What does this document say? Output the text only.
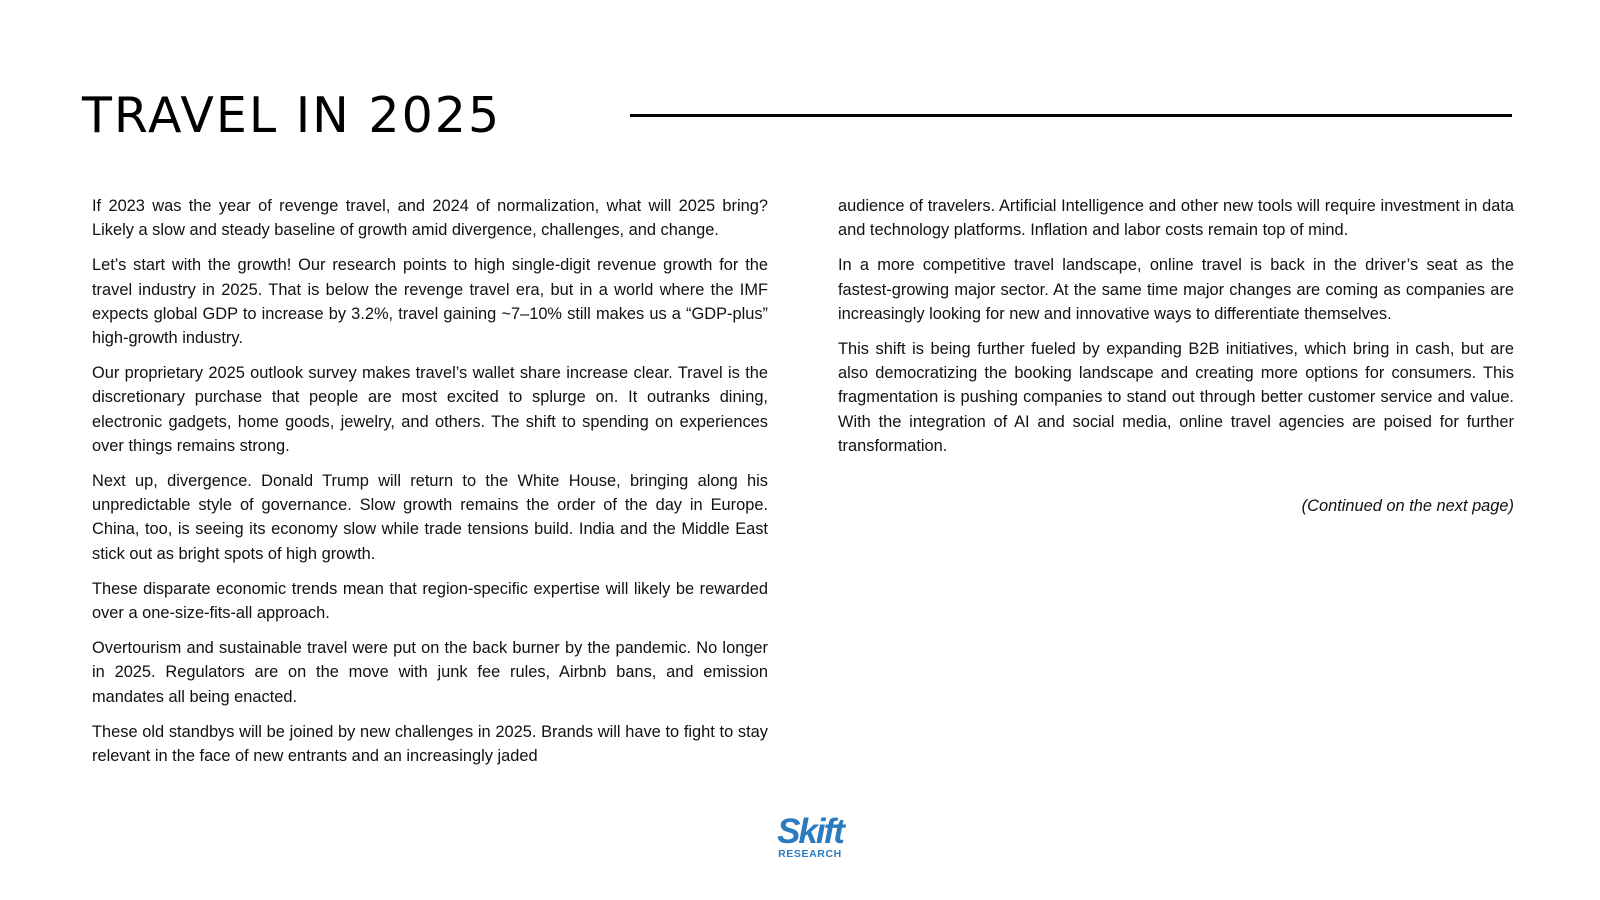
TRAVEL IN 2025

If 2023 was the year of revenge travel, and 2024 of normalization, what will 2025 bring? Likely a slow and steady baseline of growth amid divergence, challenges, and change.

Let’s start with the growth! Our research points to high single-digit revenue growth for the travel industry in 2025. That is below the revenge travel era, but in a world where the IMF expects global GDP to increase by 3.2%, travel gaining ~7–10% still makes us a “GDP-plus” high-growth industry.

Our proprietary 2025 outlook survey makes travel’s wallet share increase clear. Travel is the discretionary purchase that people are most excited to splurge on. It outranks dining, electronic gadgets, home goods, jewelry, and others. The shift to spending on experiences over things remains strong.

Next up, divergence. Donald Trump will return to the White House, bringing along his unpredictable style of governance. Slow growth remains the order of the day in Europe. China, too, is seeing its economy slow while trade tensions build. India and the Middle East stick out as bright spots of high growth.

These disparate economic trends mean that region-specific expertise will likely be rewarded over a one-size-fits-all approach.

Overtourism and sustainable travel were put on the back burner by the pandemic. No longer in 2025. Regulators are on the move with junk fee rules, Airbnb bans, and emission mandates all being enacted.

These old standbys will be joined by new challenges in 2025. Brands will have to fight to stay relevant in the face of new entrants and an increasingly jaded

audience of travelers. Artificial Intelligence and other new tools will require investment in data and technology platforms. Inflation and labor costs remain top of mind.

In a more competitive travel landscape, online travel is back in the driver’s seat as the fastest-growing major sector. At the same time major changes are coming as companies are increasingly looking for new and innovative ways to differentiate themselves.

This shift is being further fueled by expanding B2B initiatives, which bring in cash, but are also democratizing the booking landscape and creating more options for consumers. This fragmentation is pushing companies to stand out through better customer service and value. With the integration of AI and social media, online travel agencies are poised for further transformation.

(Continued on the next page)

Skift
RESEARCH
